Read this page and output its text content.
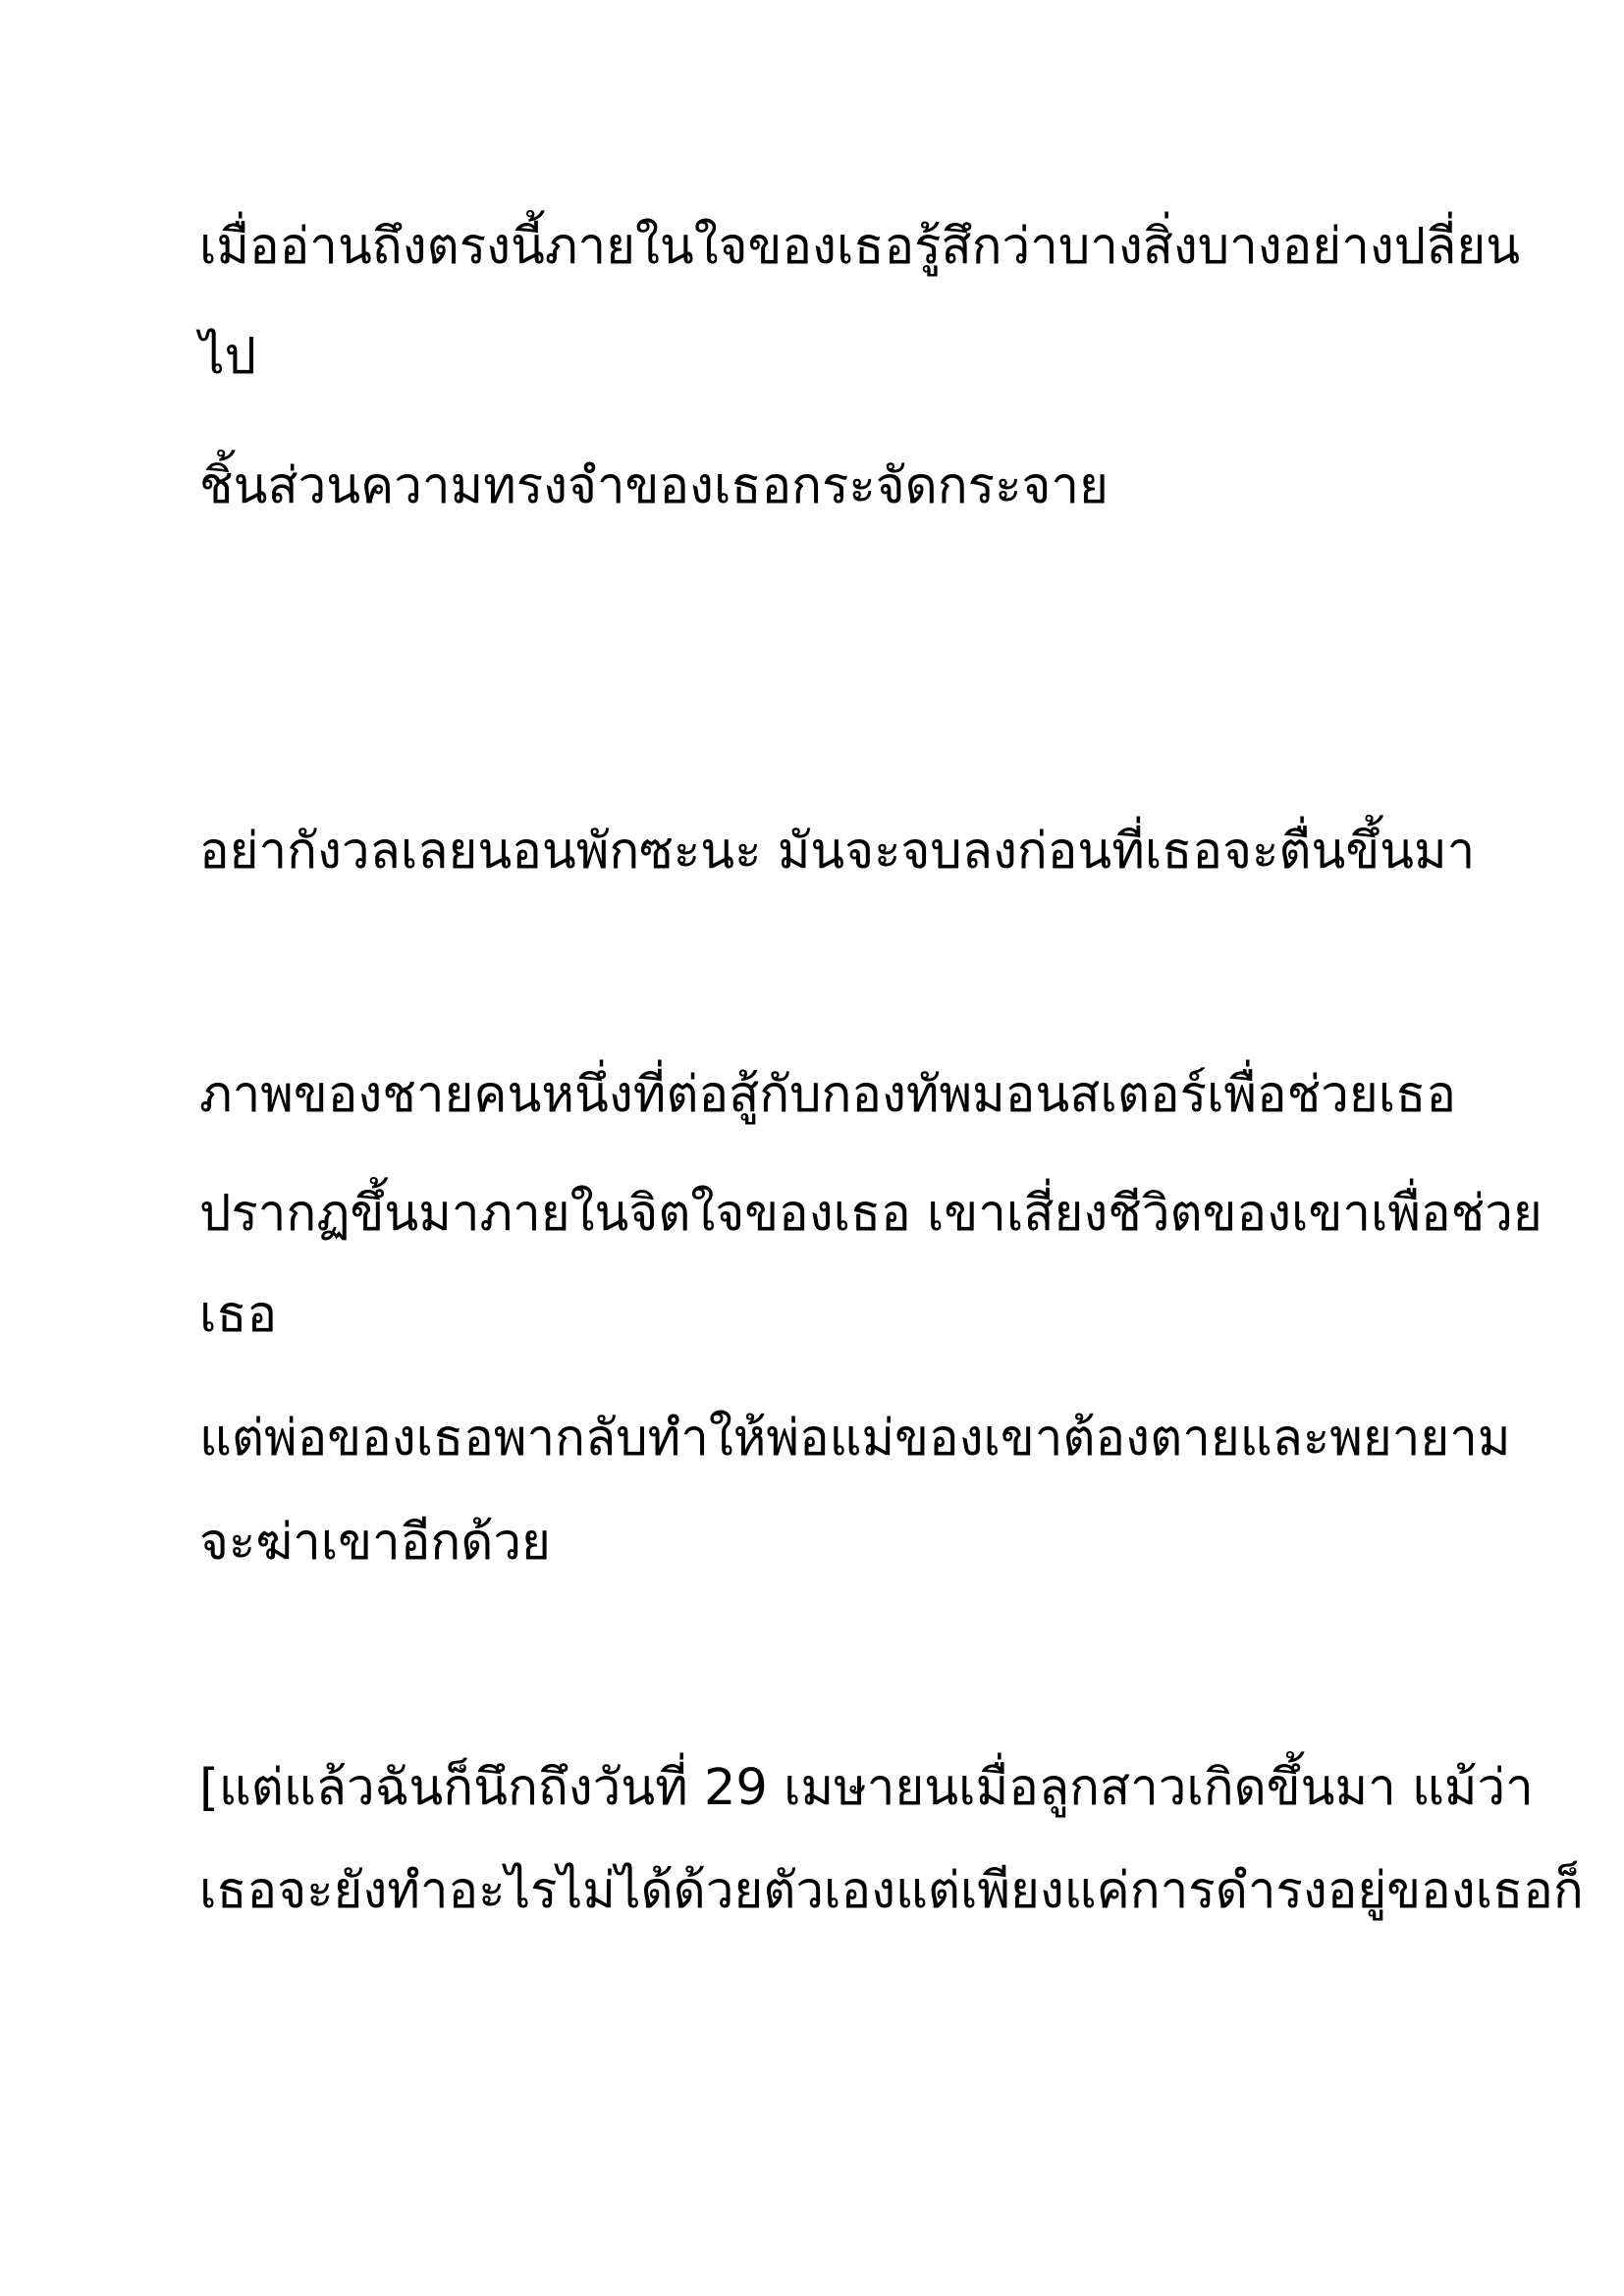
เมื่ออ่านถึงตรงนี้ภายในใจของเธอรู้สึกว่าบางสิ่งบางอย่างปลี่ยน

ไป

ชิ้นส่วนความทรงจำของเธอกระจัดกระจาย

อย่ากังวลเลยนอนพักซะนะ มันจะจบลงก่อนที่เธอจะตื่นขึ้นมา

ภาพของชายคนหนึ่งที่ต่อสู้กับกองทัพมอนสเตอร์เพื่อช่วยเธอ

ปรากฏขึ้นมาภายในจิตใจของเธอ เขาเสี่ยงชีวิตของเขาเพื่อช่วย

เธอ

แต่พ่อของเธอพากลับทำให้พ่อแม่ของเขาต้องตายและพยายาม

จะฆ่าเขาอีกด้วย

[แต่แล้วฉันก็นึกถึงวันที่ 29 เมษายนเมื่อลูกสาวเกิดขึ้นมา แม้ว่า

เธอจะยังทำอะไรไม่ได้ด้วยตัวเองแต่เพียงแค่การดำรงอยู่ของเธอก็
